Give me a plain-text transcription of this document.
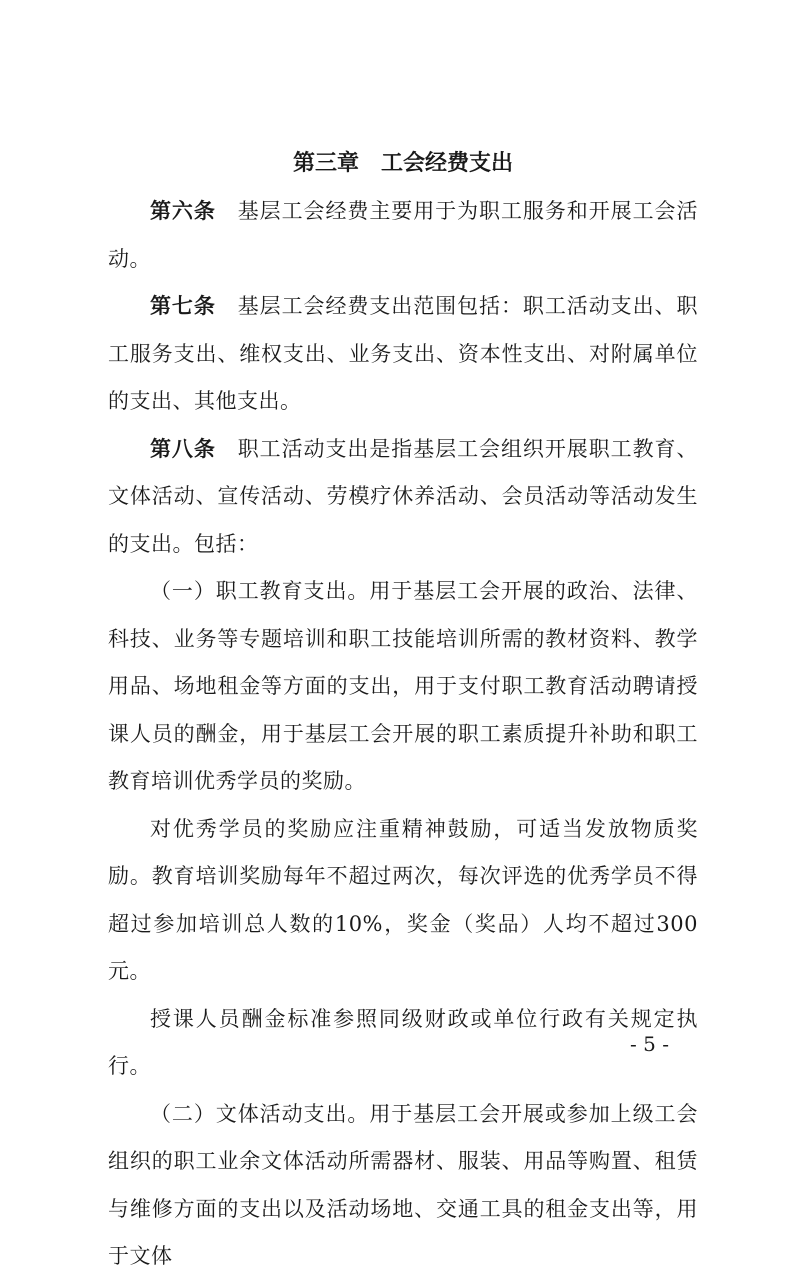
第三章　工会经费支出

第六条　 基层工会经费主要用于为职工服务和开展工会活动。

第七条　 基层工会经费支出范围包括：职工活动支出、职工服务支出、维权支出、业务支出、资本性支出、对附属单位的支出、其他支出。

第八条　 职工活动支出是指基层工会组织开展职工教育、文体活动、宣传活动、劳模疗休养活动、会员活动等活动发生的支出。包括：

（一）职工教育支出。用于基层工会开展的政治、法律、科技、业务等专题培训和职工技能培训所需的教材资料、教学用品、场地租金等方面的支出，用于支付职工教育活动聘请授课人员的酬金，用于基层工会开展的职工素质提升补助和职工教育培训优秀学员的奖励。

对优秀学员的奖励应注重精神鼓励，可适当发放物质奖励。教育培训奖励每年不超过两次，每次评选的优秀学员不得超过参加培训总人数的10%，奖金（奖品）人均不超过300元。

授课人员酬金标准参照同级财政或单位行政有关规定执行。

（二）文体活动支出。用于基层工会开展或参加上级工会组织的职工业余文体活动所需器材、服装、用品等购置、租赁与维修方面的支出以及活动场地、交通工具的租金支出等，用于文体

- 5 -
